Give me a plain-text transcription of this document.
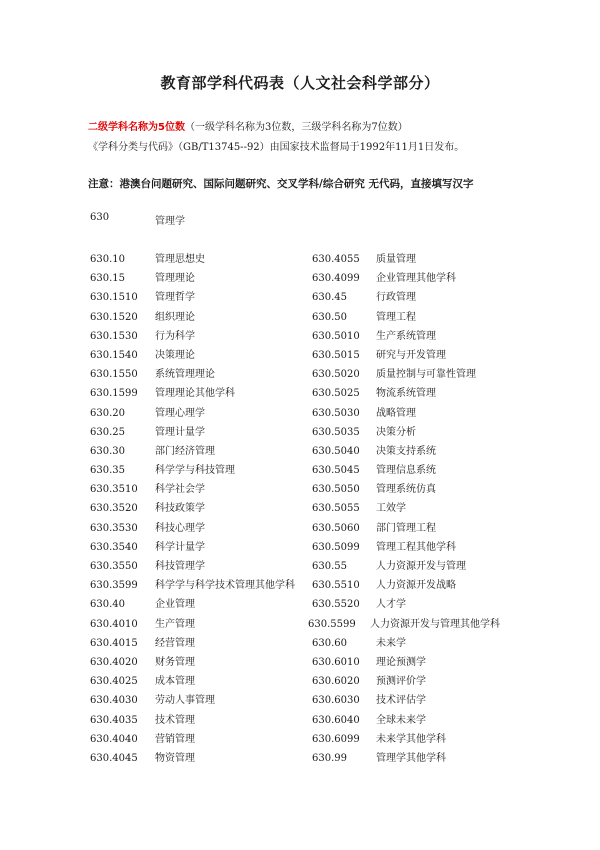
教育部学科代码表（人文社会科学部分）
二级学科名称为5位数（一级学科名称为3位数，三级学科名称为7位数）
《学科分类与代码》（GB/T13745--92）由国家技术监督局于1992年11月1日发布。
注意：港澳台问题研究、国际问题研究、交叉学科/综合研究 无代码，直接填写汉字
630	管理学
630.10	管理思想史
630.15	管理理论
630.1510 管理哲学
630.1520 组织理论
630.1530 行为科学
630.1540 决策理论
630.1550 系统管理理论
630.1599 管理理论其他学科
630.20	管理心理学
630.25	管理计量学
630.30	部门经济管理
630.35	科学学与科技管理
630.3510 科学社会学
630.3520 科技政策学
630.3530 科技心理学
630.3540 科学计量学
630.3550 科技管理学
630.3599 科学学与科学技术管理其他学科
630.40	企业管理
630.4010 生产管理
630.4015 经营管理
630.4020 财务管理
630.4025 成本管理
630.4030 劳动人事管理
630.4035 技术管理
630.4040 营销管理
630.4045 物资管理
630.4055 质量管理
630.4099 企业管理其他学科
630.45	行政管理
630.50	管理工程
630.5010 生产系统管理
630.5015 研究与开发管理
630.5020 质量控制与可靠性管理
630.5025 物流系统管理
630.5030 战略管理
630.5035 决策分析
630.5040 决策支持系统
630.5045 管理信息系统
630.5050 管理系统仿真
630.5055 工效学
630.5060 部门管理工程
630.5099 管理工程其他学科
630.55	人力资源开发与管理
630.5510 人力资源开发战略
630.5520 人才学
630.5599 人力资源开发与管理其他学科
630.60	未来学
630.6010 理论预测学
630.6020 预测评价学
630.6030 技术评估学
630.6040 全球未来学
630.6099 未来学其他学科
630.99	管理学其他学科
